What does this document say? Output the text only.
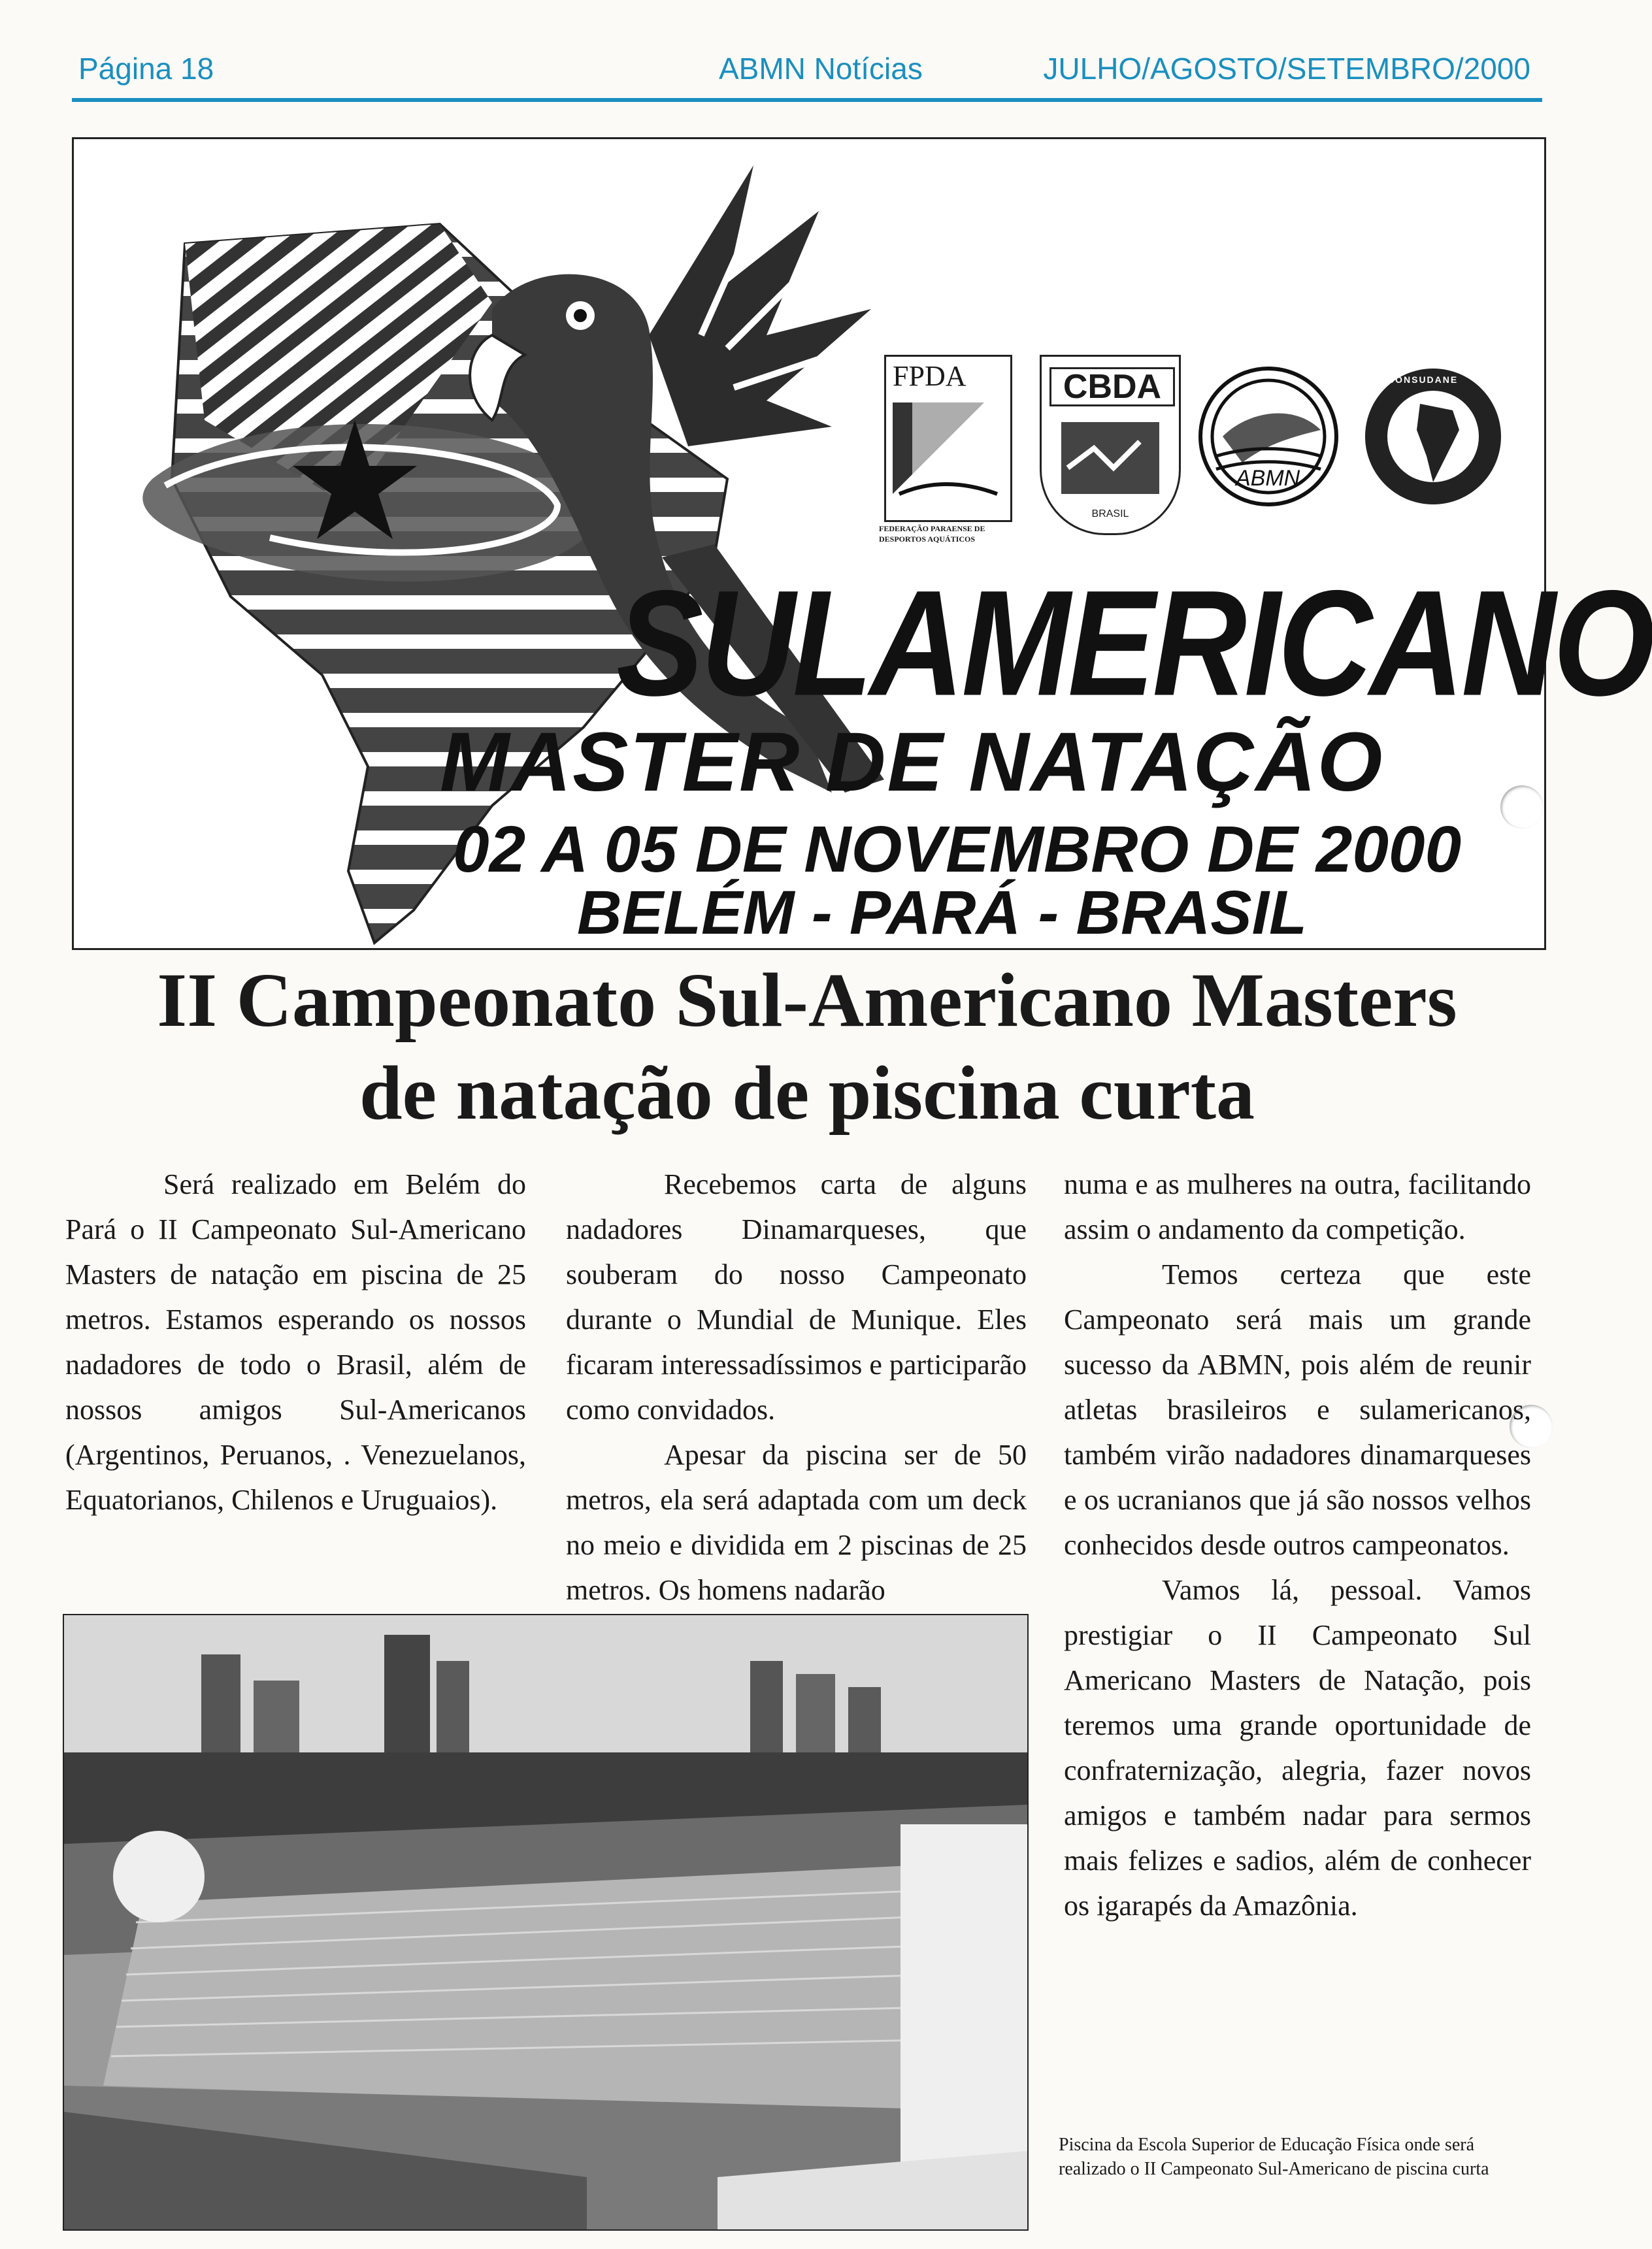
Página 18	ABMN Notícias	JULHO/AGOSTO/SETEMBRO/2000
FPDA
FEDERAÇÃO PARAENSE DE DESPORTOS AQUÁTICOS
CBDA
BRASIL
ABMN
CONSUDANE
SULAMERICANO
MASTER DE NATAÇÃO
02 A 05 DE NOVEMBRO DE 2000
BELÉM - PARÁ - BRASIL
II Campeonato Sul-Americano Masters
de natação de piscina curta

Será realizado em Belém do Pará o II Campeonato Sul-Americano Masters de natação em piscina de 25 metros. Estamos esperando os nossos nadadores de todo o Brasil, além de nossos amigos Sul-Americanos (Argentinos, Peruanos, . Venezuelanos, Equatorianos, Chilenos e Uruguaios).

Recebemos carta de alguns nadadores Dinamarqueses, que souberam do nosso Campeonato durante o Mundial de Munique. Eles ficaram interessadíssimos e participarão como convidados.

Apesar da piscina ser de 50 metros, ela será adaptada com um deck no meio e dividida em 2 piscinas de 25 metros. Os homens nadarão

numa e as mulheres na outra, facilitando assim o andamento da competição.

Temos certeza que este Campeonato será mais um grande sucesso da ABMN, pois além de reunir atletas brasileiros e sulamericanos, também virão nadadores dinamarqueses e os ucranianos que já são nossos velhos conhecidos desde outros campeonatos.

Vamos lá, pessoal. Vamos prestigiar o II Campeonato Sul Americano Masters de Natação, pois teremos uma grande oportunidade de confraternização, alegria, fazer novos amigos e também nadar para sermos mais felizes e sadios, além de conhecer os igarapés da Amazônia.

Piscina da Escola Superior de Educação Física onde será realizado o II Campeonato Sul-Americano de piscina curta
